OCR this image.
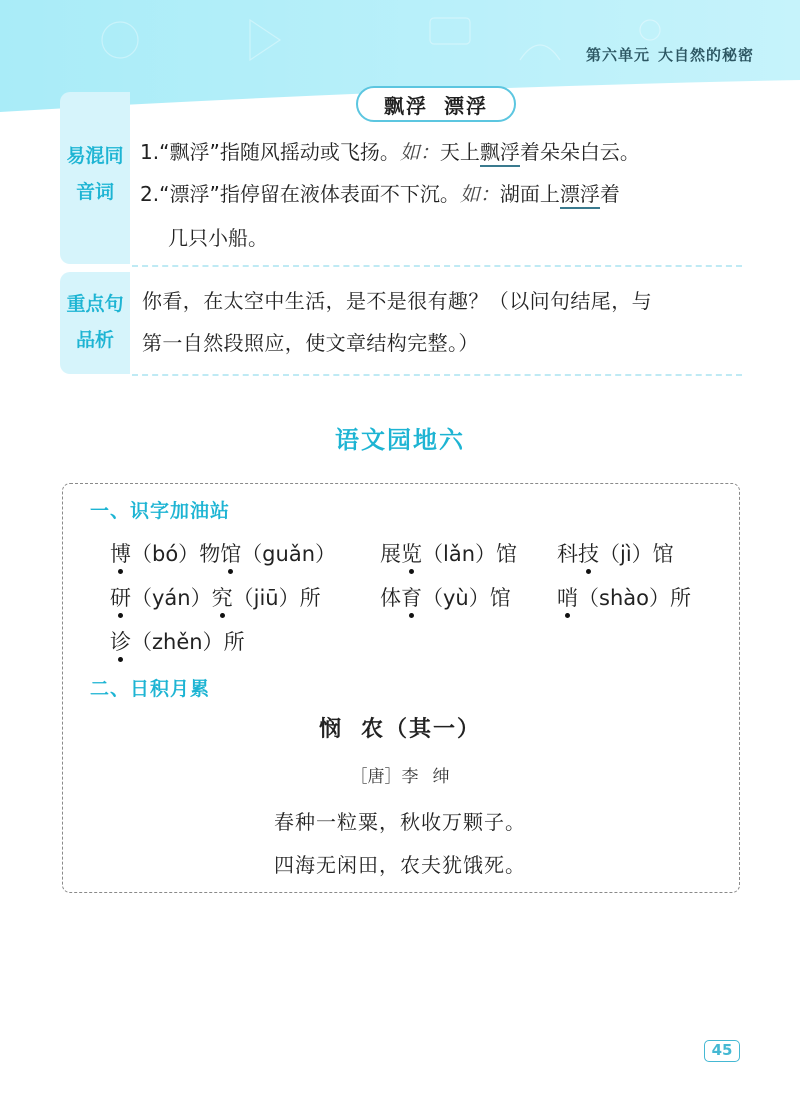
第六单元 大自然的秘密
易混同
音词
飘浮 漂浮
1.“飘浮”指随风摇动或飞扬。如：天上飘浮着朵朵白云。
2.“漂浮”指停留在液体表面不下沉。如：湖面上漂浮着
几只小船。
重点句
品析
你看，在太空中生活，是不是很有趣？（以问句结尾，与
第一自然段照应，使文章结构完整。）
语文园地六
一、识字加油站
博（bó）物馆（guǎn） 展览（lǎn）馆 科技（jì）馆
研（yán）究（jiū）所	体育（yù）馆 哨（shào）所
诊（zhěn）所
二、日积月累
悯 农（其一）
［唐］李 绅
春种一粒粟，秋收万颗子。
四海无闲田，农夫犹饿死。
45
